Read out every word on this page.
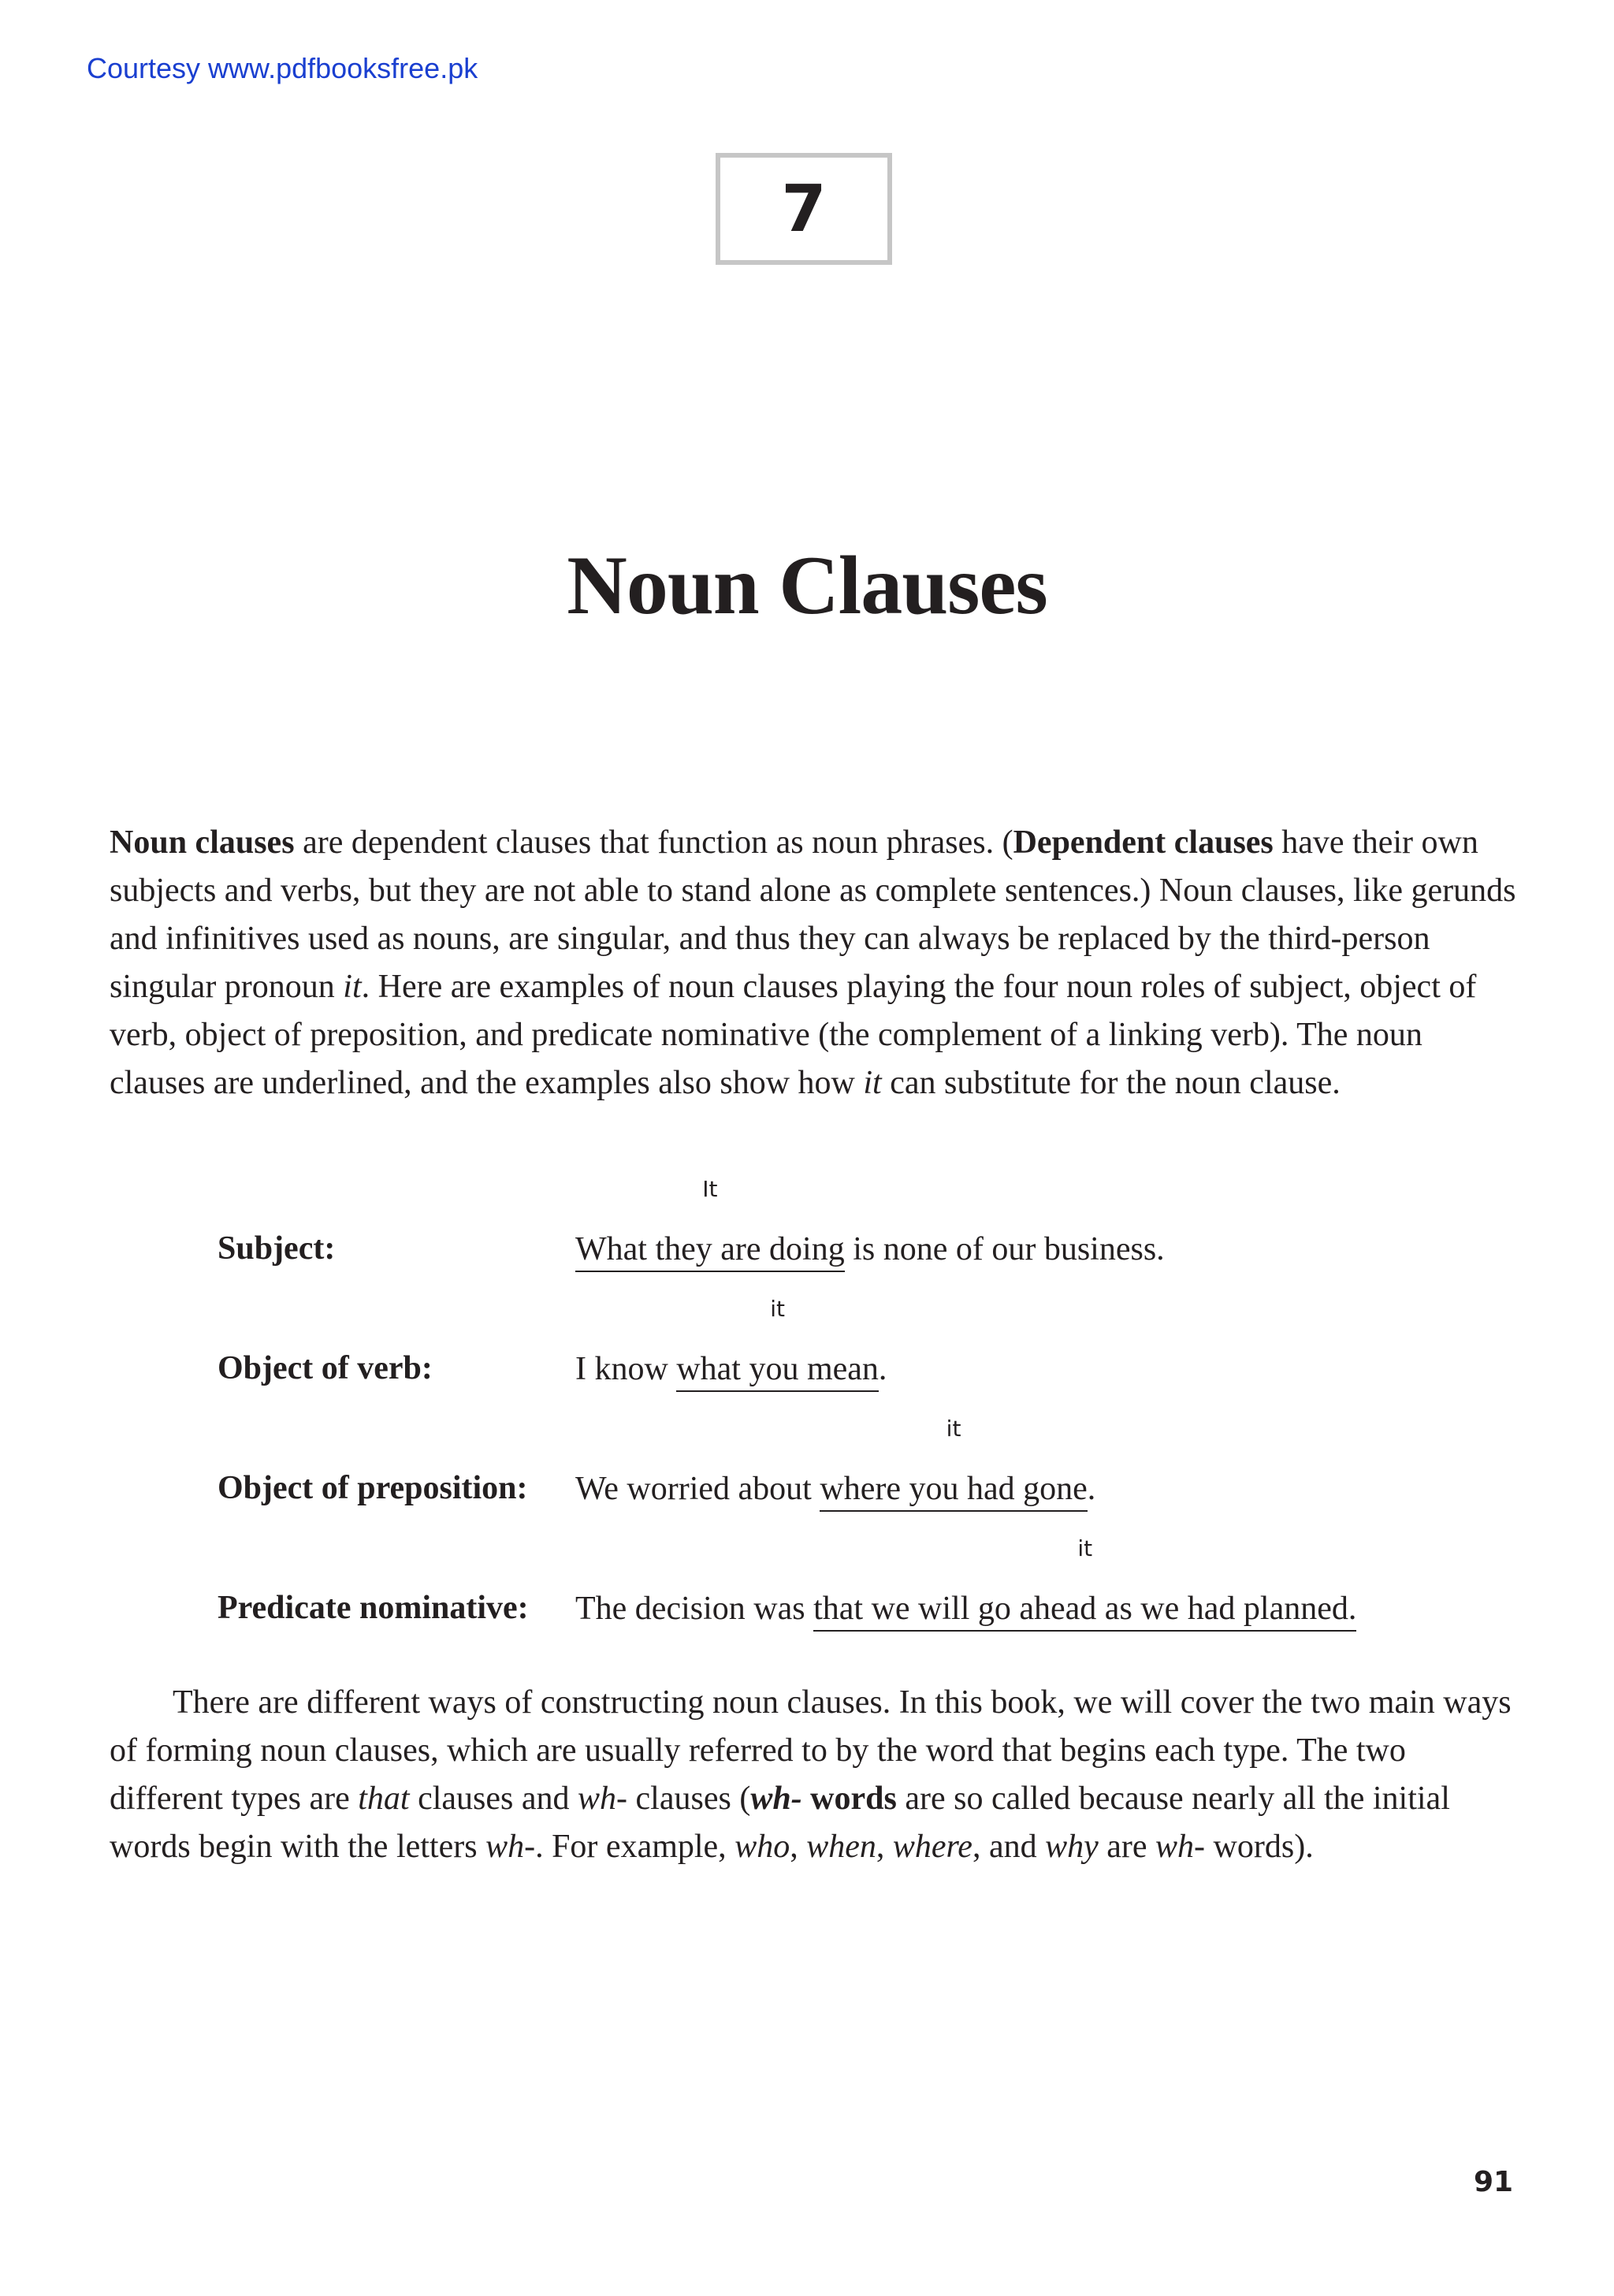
Courtesy www.pdfbooksfree.pk
7
Noun Clauses

Noun clauses are dependent clauses that function as noun phrases. (Dependent clauses have their own subjects and verbs, but they are not able to stand alone as complete sentences.) Noun clauses, like gerunds and infinitives used as nouns, are singular, and thus they can always be replaced by the third-person singular pronoun it. Here are examples of noun clauses playing the four noun roles of subject, object of verb, object of preposition, and predicate nominative (the complement of a linking verb). The noun clauses are underlined, and the examples also show how it can substitute for the noun clause.

Subject:
It
What they are doing is none of our business.
Object of verb:	I know
it
what you mean.
Object of preposition: We worried about
it
where you had gone.
Predicate nominative: The decision was
it
that we will go ahead as we had planned.

There are different ways of constructing noun clauses. In this book, we will cover the two main ways of forming noun clauses, which are usually referred to by the word that begins each type. The two different types are that clauses and wh- clauses (wh- words are so called because nearly all the initial words begin with the letters wh-. For example, who, when, where, and why are wh- words).

91
